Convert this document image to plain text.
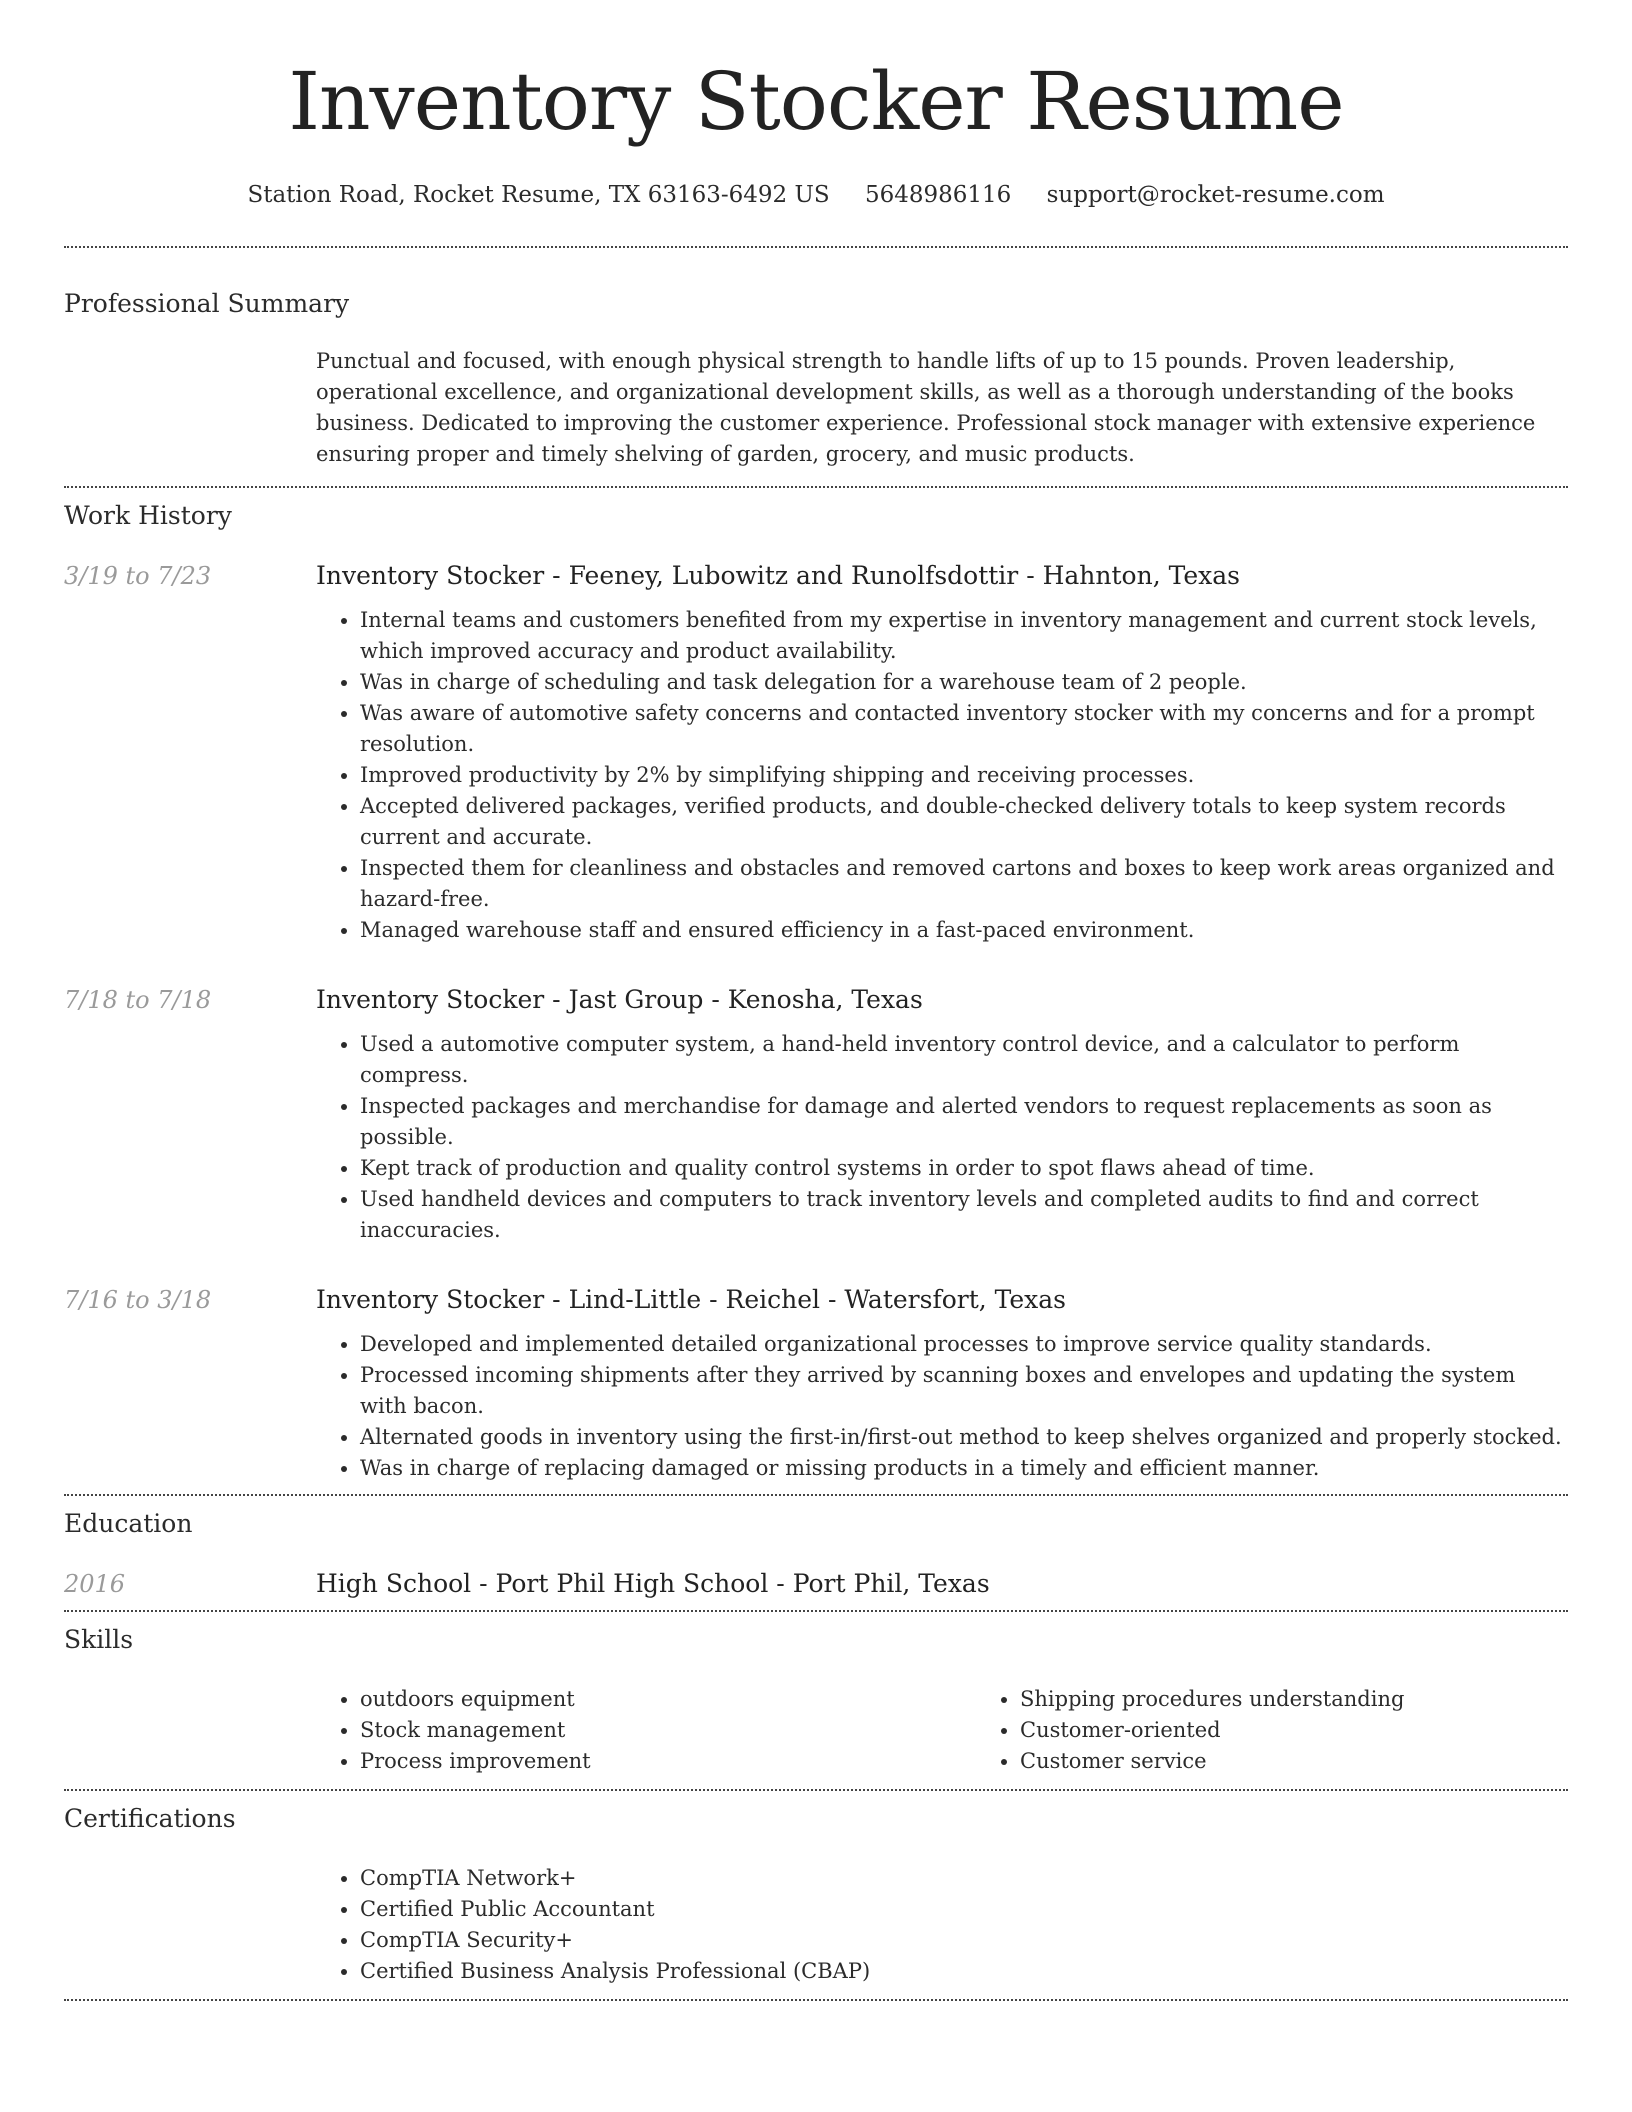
Inventory Stocker Resume
Station Road, Rocket Resume, TX 63163-6492 US 5648986116 support@rocket-resume.com
Professional Summary

Punctual and focused, with enough physical strength to handle lifts of up to 15 pounds. Proven leadership, operational excellence, and organizational development skills, as well as a thorough understanding of the books business. Dedicated to improving the customer experience. Professional stock manager with extensive experience ensuring proper and timely shelving of garden, grocery, and music products.

Work History
3/19 to 7/23	Inventory Stocker - Feeney, Lubowitz and Runolfsdottir - Hahnton, Texas
• Internal teams and customers benefited from my expertise in inventory management and current stock levels, which improved accuracy and product availability.
• Was in charge of scheduling and task delegation for a warehouse team of 2 people.
• Was aware of automotive safety concerns and contacted inventory stocker with my concerns and for a prompt resolution.
• Improved productivity by 2% by simplifying shipping and receiving processes.
• Accepted delivered packages, verified products, and double-checked delivery totals to keep system records current and accurate.
• Inspected them for cleanliness and obstacles and removed cartons and boxes to keep work areas organized and hazard-free.
• Managed warehouse staff and ensured efficiency in a fast-paced environment.
7/18 to 7/18	Inventory Stocker - Jast Group - Kenosha, Texas
• Used a automotive computer system, a hand-held inventory control device, and a calculator to perform compress.
• Inspected packages and merchandise for damage and alerted vendors to request replacements as soon as possible.
• Kept track of production and quality control systems in order to spot flaws ahead of time.
• Used handheld devices and computers to track inventory levels and completed audits to find and correct inaccuracies.
7/16 to 3/18	Inventory Stocker - Lind-Little - Reichel - Watersfort, Texas
• Developed and implemented detailed organizational processes to improve service quality standards.
• Processed incoming shipments after they arrived by scanning boxes and envelopes and updating the system with bacon.
• Alternated goods in inventory using the first-in/first-out method to keep shelves organized and properly stocked.
• Was in charge of replacing damaged or missing products in a timely and efficient manner.
Education
2016	High School - Port Phil High School - Port Phil, Texas
Skills
• outdoors equipment
• Stock management
• Process improvement
• Shipping procedures understanding
• Customer-oriented
• Customer service
Certifications
• CompTIA Network+
• Certified Public Accountant
• CompTIA Security+
• Certified Business Analysis Professional (CBAP)
